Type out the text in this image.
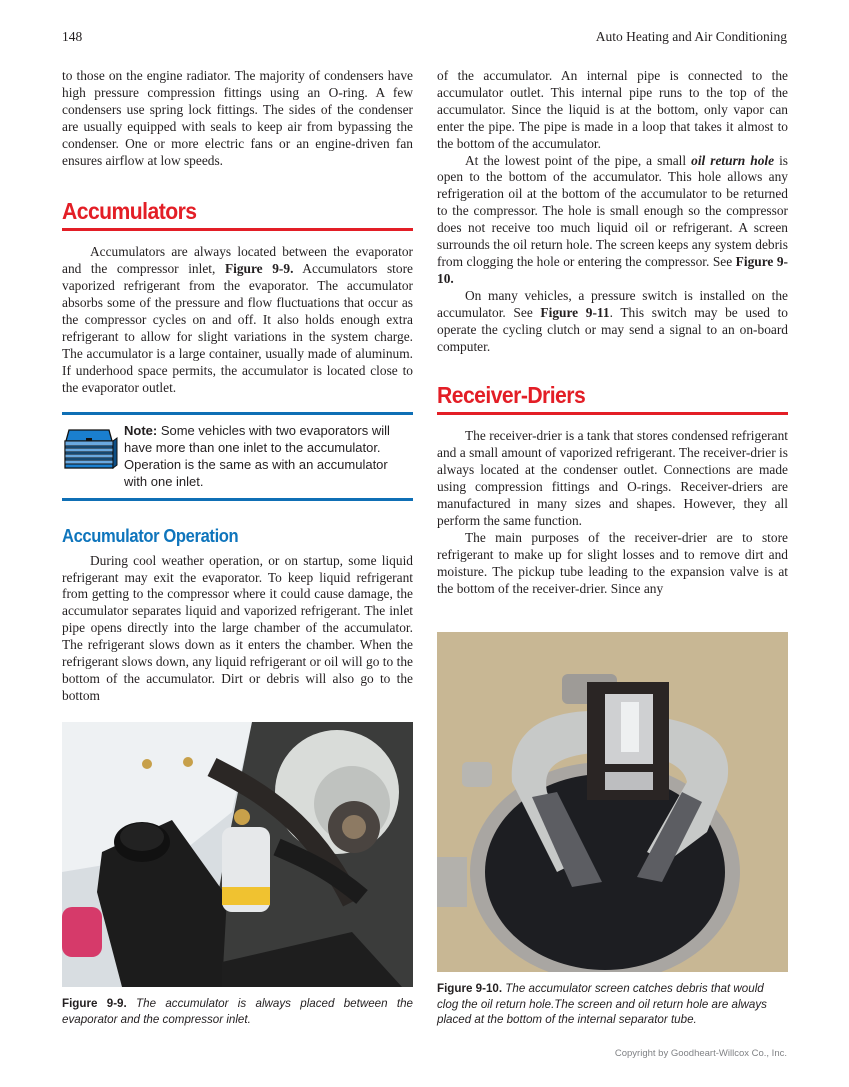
148	Auto Heating and Air Conditioning

to those on the engine radiator. The majority of condensers have high pressure compression fittings using an O-ring. A few condensers use spring lock fittings. The sides of the condenser are usually equipped with seals to keep air from bypassing the condenser. One or more electric fans or an engine-driven fan ensures airflow at low speeds.

Accumulators

Accumulators are always located between the evaporator and the compressor inlet, Figure 9-9. Accumulators store vaporized refrigerant from the evaporator. The accumulator absorbs some of the pressure and flow fluctuations that occur as the compressor cycles on and off. It also holds enough extra refrigerant to allow for slight variations in the system charge. The accumulator is a large container, usually made of aluminum. If underhood space permits, the accumulator is located close to the evaporator outlet.

Note: Some vehicles with two evaporators will have more than one inlet to the accumulator. Operation is the same as with an accumulator with one inlet.
Accumulator Operation

During cool weather operation, or on startup, some liquid refrigerant may exit the evaporator. To keep liquid refrigerant from getting to the compressor where it could cause damage, the accumulator separates liquid and vaporized refrigerant. The inlet pipe opens directly into the large chamber of the accumulator. The refrigerant slows down as it enters the chamber. When the refrigerant slows down, any liquid refrigerant or oil will go to the bottom of the accumulator. Dirt or debris will also go to the bottom

of the accumulator. An internal pipe is connected to the accumulator outlet. This internal pipe runs to the top of the accumulator. Since the liquid is at the bottom, only vapor can enter the pipe. The pipe is made in a loop that takes it almost to the bottom of the accumulator.

At the lowest point of the pipe, a small oil return hole is open to the bottom of the accumulator. This hole allows any refrigeration oil at the bottom of the accumulator to be returned to the compressor. The hole is small enough so the compressor does not receive too much liquid oil or refrigerant. A screen surrounds the oil return hole. The screen keeps any system debris from clogging the hole or entering the compressor. See Figure 9-10.

On many vehicles, a pressure switch is installed on the accumulator. See Figure 9-11. This switch may be used to operate the cycling clutch or may send a signal to an on-board computer.

Receiver-Driers

The receiver-drier is a tank that stores condensed refrigerant and a small amount of vaporized refrigerant. The receiver-drier is always located at the condenser outlet. Connections are made using compression fittings and O-rings. Receiver-driers are manufactured in many sizes and shapes. However, they all perform the same function.

The main purposes of the receiver-drier are to store refrigerant to make up for slight losses and to remove dirt and moisture. The pickup tube leading to the expansion valve is at the bottom of the receiver-drier. Since any

Figure 9-9. The accumulator is always placed between the evaporator and the compressor inlet.
Figure 9-10. The accumulator screen catches debris that would clog the oil return hole.The screen and oil return hole are always placed at the bottom of the internal separator tube.
Copyright by Goodheart-Willcox Co., Inc.
